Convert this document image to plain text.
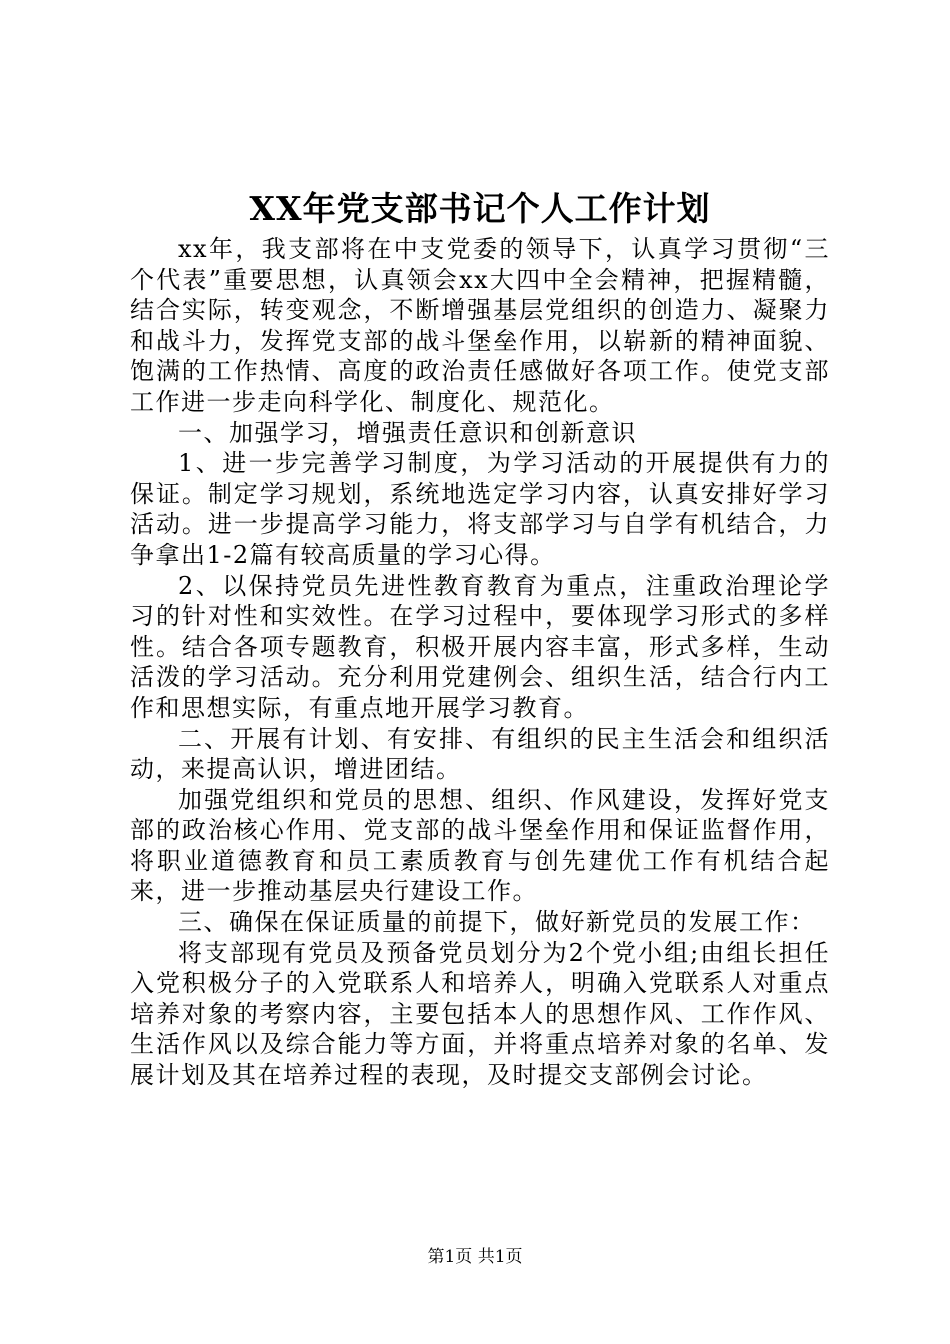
XX年党支部书记个人工作计划

xx年，我支部将在中支党委的领导下，认真学习贯彻“三个代表”重要思想，认真领会xx大四中全会精神，把握精髓，结合实际，转变观念，不断增强基层党组织的创造力、凝聚力和战斗力，发挥党支部的战斗堡垒作用，以崭新的精神面貌、饱满的工作热情、高度的政治责任感做好各项工作。使党支部工作进一步走向科学化、制度化、规范化。

一、加强学习，增强责任意识和创新意识

1、进一步完善学习制度，为学习活动的开展提供有力的保证。制定学习规划，系统地选定学习内容，认真安排好学习活动。进一步提高学习能力，将支部学习与自学有机结合，力争拿出1-2篇有较高质量的学习心得。

2、以保持党员先进性教育教育为重点，注重政治理论学习的针对性和实效性。在学习过程中，要体现学习形式的多样性。结合各项专题教育，积极开展内容丰富，形式多样，生动活泼的学习活动。充分利用党建例会、组织生活，结合行内工作和思想实际，有重点地开展学习教育。

二、开展有计划、有安排、有组织的民主生活会和组织活动，来提高认识，增进团结。

加强党组织和党员的思想、组织、作风建设，发挥好党支部的政治核心作用、党支部的战斗堡垒作用和保证监督作用，将职业道德教育和员工素质教育与创先建优工作有机结合起来，进一步推动基层央行建设工作。

三、确保在保证质量的前提下，做好新党员的发展工作：

将支部现有党员及预备党员划分为2个党小组;由组长担任入党积极分子的入党联系人和培养人，明确入党联系人对重点培养对象的考察内容，主要包括本人的思想作风、工作作风、生活作风以及综合能力等方面，并将重点培养对象的名单、发展计划及其在培养过程的表现，及时提交支部例会讨论。

第1页 共1页
